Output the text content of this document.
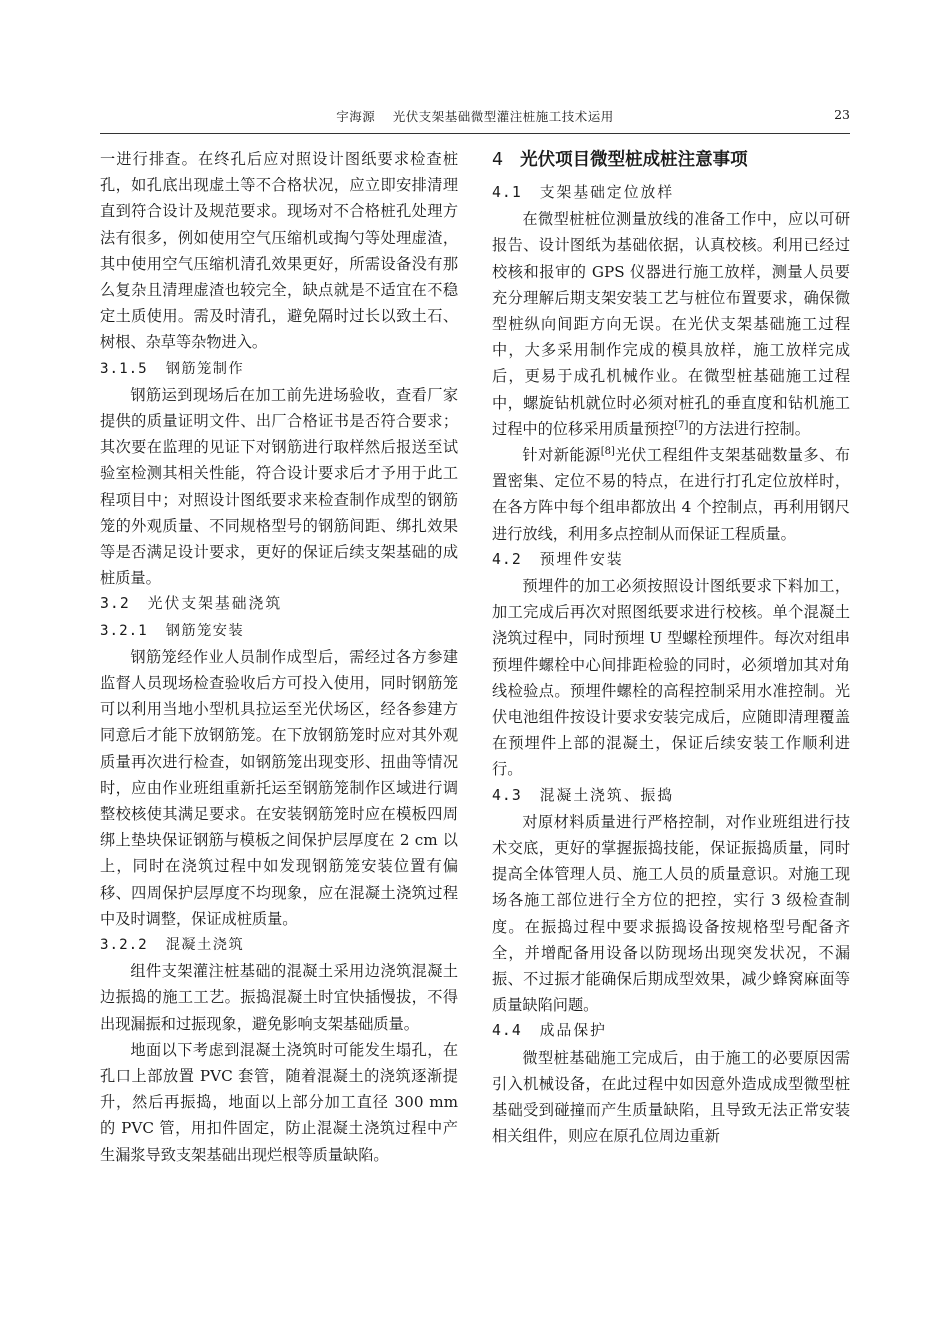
宇海源　 光伏支架基础微型灌注桩施工技术运用	23

一进行排查。在终孔后应对照设计图纸要求检查桩孔，如孔底出现虚土等不合格状况，应立即安排清理直到符合设计及规范要求。现场对不合格桩孔处理方法有很多，例如使用空气压缩机或掏勺等处理虚渣，其中使用空气压缩机清孔效果更好，所需设备没有那么复杂且清理虚渣也较完全，缺点就是不适宜在不稳定土质使用。需及时清孔，避免隔时过长以致土石、树根、杂草等杂物进入。

3.1.5 钢筋笼制作

钢筋运到现场后在加工前先进场验收，查看厂家提供的质量证明文件、出厂合格证书是否符合要求；其次要在监理的见证下对钢筋进行取样然后报送至试验室检测其相关性能，符合设计要求后才予用于此工程项目中；对照设计图纸要求来检查制作成型的钢筋笼的外观质量、不同规格型号的钢筋间距、绑扎效果等是否满足设计要求，更好的保证后续支架基础的成桩质量。

3.2 光伏支架基础浇筑
3.2.1 钢筋笼安装

钢筋笼经作业人员制作成型后，需经过各方参建监督人员现场检查验收后方可投入使用，同时钢筋笼可以利用当地小型机具拉运至光伏场区，经各参建方同意后才能下放钢筋笼。在下放钢筋笼时应对其外观质量再次进行检查，如钢筋笼出现变形、扭曲等情况时，应由作业班组重新托运至钢筋笼制作区域进行调整校核使其满足要求。在安装钢筋笼时应在模板四周绑上垫块保证钢筋与模板之间保护层厚度在 2 cm 以上，同时在浇筑过程中如发现钢筋笼安装位置有偏移、四周保护层厚度不均现象，应在混凝土浇筑过程中及时调整，保证成桩质量。

3.2.2 混凝土浇筑

组件支架灌注桩基础的混凝土采用边浇筑混凝土边振捣的施工工艺。振捣混凝土时宜快插慢拔，不得出现漏振和过振现象，避免影响支架基础质量。

地面以下考虑到混凝土浇筑时可能发生塌孔，在孔口上部放置 PVC 套管，随着混凝土的浇筑逐渐提升，然后再振捣，地面以上部分加工直径 300 mm 的 PVC 管，用扣件固定，防止混凝土浇筑过程中产生漏浆导致支架基础出现烂根等质量缺陷。

4 光伏项目微型桩成桩注意事项
4.1 支架基础定位放样

在微型桩桩位测量放线的准备工作中，应以可研报告、设计图纸为基础依据，认真校核。利用已经过校核和报审的 GPS 仪器进行施工放样，测量人员要充分理解后期支架安装工艺与桩位布置要求，确保微型桩纵向间距方向无误。在光伏支架基础施工过程中，大多采用制作完成的模具放样，施工放样完成后，更易于成孔机械作业。在微型桩基础施工过程中，螺旋钻机就位时必须对桩孔的垂直度和钻机施工过程中的位移采用质量预控[7]的方法进行控制。

针对新能源[8]光伏工程组件支架基础数量多、布置密集、定位不易的特点，在进行打孔定位放样时，在各方阵中每个组串都放出 4 个控制点，再利用钢尺进行放线，利用多点控制从而保证工程质量。

4.2 预埋件安装

预埋件的加工必须按照设计图纸要求下料加工，加工完成后再次对照图纸要求进行校核。单个混凝土浇筑过程中，同时预埋 U 型螺栓预埋件。每次对组串预埋件螺栓中心间排距检验的同时，必须增加其对角线检验点。预埋件螺栓的高程控制采用水准控制。光伏电池组件按设计要求安装完成后，应随即清理覆盖在预埋件上部的混凝土，保证后续安装工作顺利进行。

4.3 混凝土浇筑、振捣

对原材料质量进行严格控制，对作业班组进行技术交底，更好的掌握振捣技能，保证振捣质量，同时提高全体管理人员、施工人员的质量意识。对施工现场各施工部位进行全方位的把控，实行 3 级检查制度。在振捣过程中要求振捣设备按规格型号配备齐全，并增配备用设备以防现场出现突发状况，不漏振、不过振才能确保后期成型效果，减少蜂窝麻面等质量缺陷问题。

4.4 成品保护

微型桩基础施工完成后，由于施工的必要原因需引入机械设备，在此过程中如因意外造成成型微型桩基础受到碰撞而产生质量缺陷，且导致无法正常安装相关组件，则应在原孔位周边重新
